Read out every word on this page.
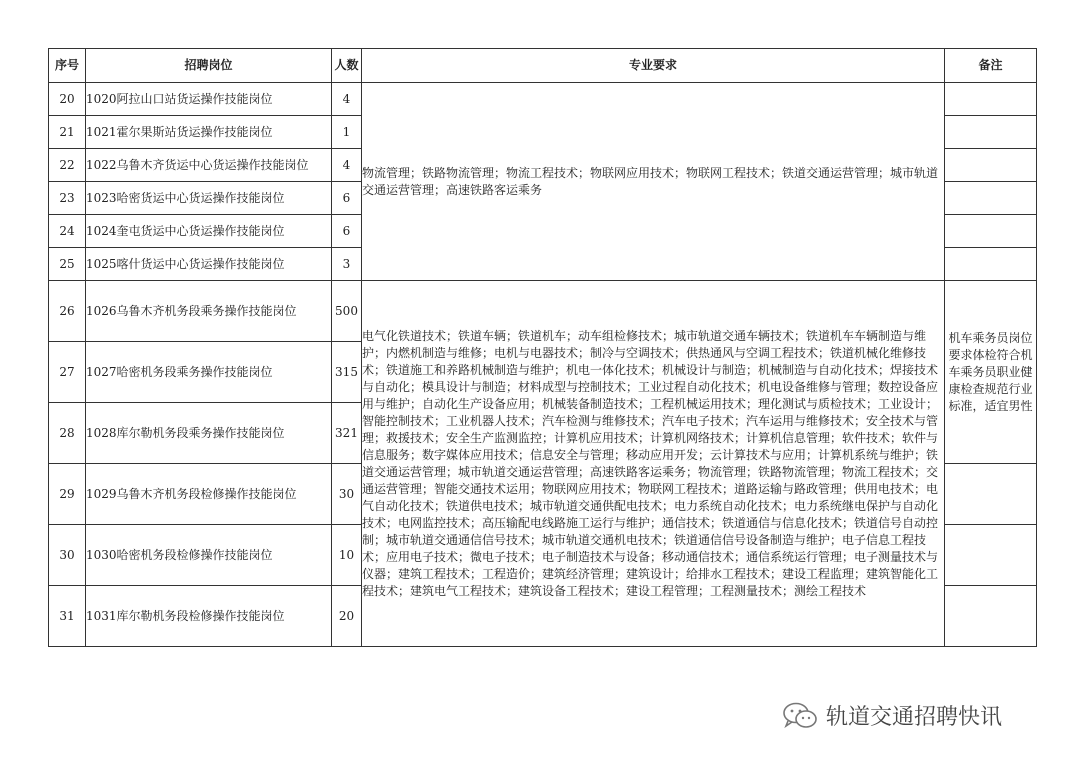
序号	招聘岗位	人数	专业要求	备注
20	1020阿拉山口站货运操作技能岗位	4	物流管理；铁路物流管理；物流工程技术；物联网应用技术；物联网工程技术；铁道交通运营管理；城市轨道交通运营管理；高速铁路客运乘务	
21	1021霍尔果斯站货运操作技能岗位	1		
22	1022乌鲁木齐货运中心货运操作技能岗位	4		
23	1023哈密货运中心货运操作技能岗位	6		
24	1024奎屯货运中心货运操作技能岗位	6		
25	1025喀什货运中心货运操作技能岗位	3		
26	1026乌鲁木齐机务段乘务操作技能岗位	500	电气化铁道技术；铁道车辆；铁道机车；动车组检修技术；城市轨道交通车辆技术；铁道机车车辆制造与维护；内燃机制造与维修；电机与电器技术；制冷与空调技术；供热通风与空调工程技术；铁道机械化维修技术；铁道施工和养路机械制造与维护；机电一体化技术；机械设计与制造；机械制造与自动化技术；焊接技术与自动化；模具设计与制造；材料成型与控制技术；工业过程自动化技术；机电设备维修与管理；数控设备应用与维护；自动化生产设备应用；机械装备制造技术；工程机械运用技术；理化测试与质检技术；工业设计；智能控制技术；工业机器人技术；汽车检测与维修技术；汽车电子技术；汽车运用与维修技术；安全技术与管理；救援技术；安全生产监测监控；计算机应用技术；计算机网络技术；计算机信息管理；软件技术；软件与信息服务；数字媒体应用技术；信息安全与管理；移动应用开发；云计算技术与应用；计算机系统与维护；铁道交通运营管理；城市轨道交通运营管理；高速铁路客运乘务；物流管理；铁路物流管理；物流工程技术；交通运营管理；智能交通技术运用；物联网应用技术；物联网工程技术；道路运输与路政管理；供用电技术；电气自动化技术；铁道供电技术；城市轨道交通供配电技术；电力系统自动化技术；电力系统继电保护与自动化技术；电网监控技术；高压输配电线路施工运行与维护；通信技术；铁道通信与信息化技术；铁道信号自动控制；城市轨道交通通信信号技术；城市轨道交通机电技术；铁道通信信号设备制造与维护；电子信息工程技术；应用电子技术；微电子技术；电子制造技术与设备；移动通信技术；通信系统运行管理；电子测量技术与仪器；建筑工程技术；工程造价；建筑经济管理；建筑设计；给排水工程技术；建设工程监理；建筑智能化工程技术；建筑电气工程技术；建筑设备工程技术；建设工程管理；工程测量技术；测绘工程技术	机车乘务员岗位要求体检符合机车乘务员职业健康检查规范行业标准，适宜男性
27	1027哈密机务段乘务操作技能岗位	315		
28	1028库尔勒机务段乘务操作技能岗位	321		
29	1029乌鲁木齐机务段检修操作技能岗位	30		
30	1030哈密机务段检修操作技能岗位	10		
31	1031库尔勒机务段检修操作技能岗位	20		
轨道交通招聘快讯
